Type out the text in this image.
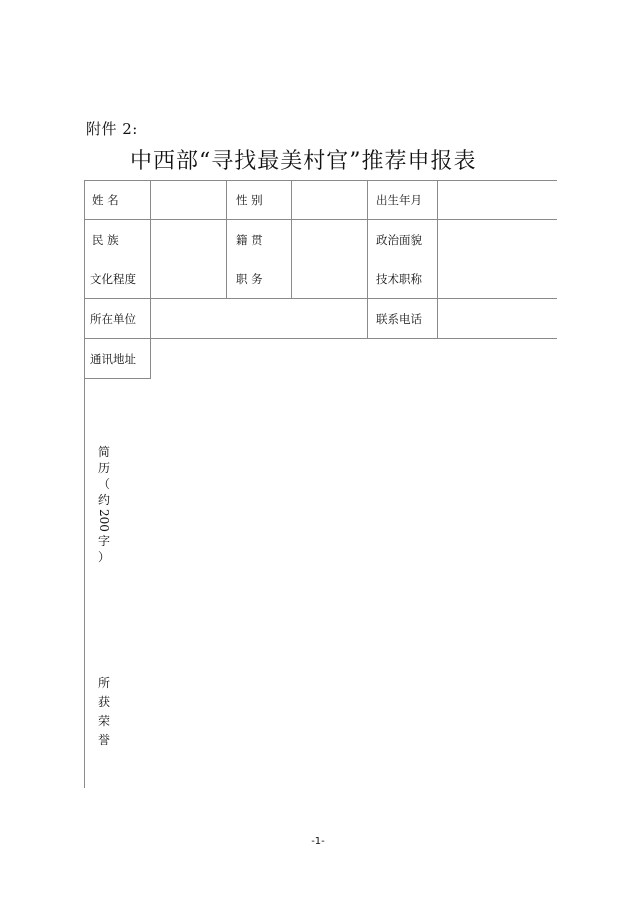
附件 2:
中西部“寻找最美村官”推荐申报表
姓 名	性 别	出生年月
民 族	籍 贯	政治面貌
文化程度	职 务	技术职称
所在单位	联系电话
通讯地址
简
历
（
约
200
字
）
所
获
荣
誉
-1-
